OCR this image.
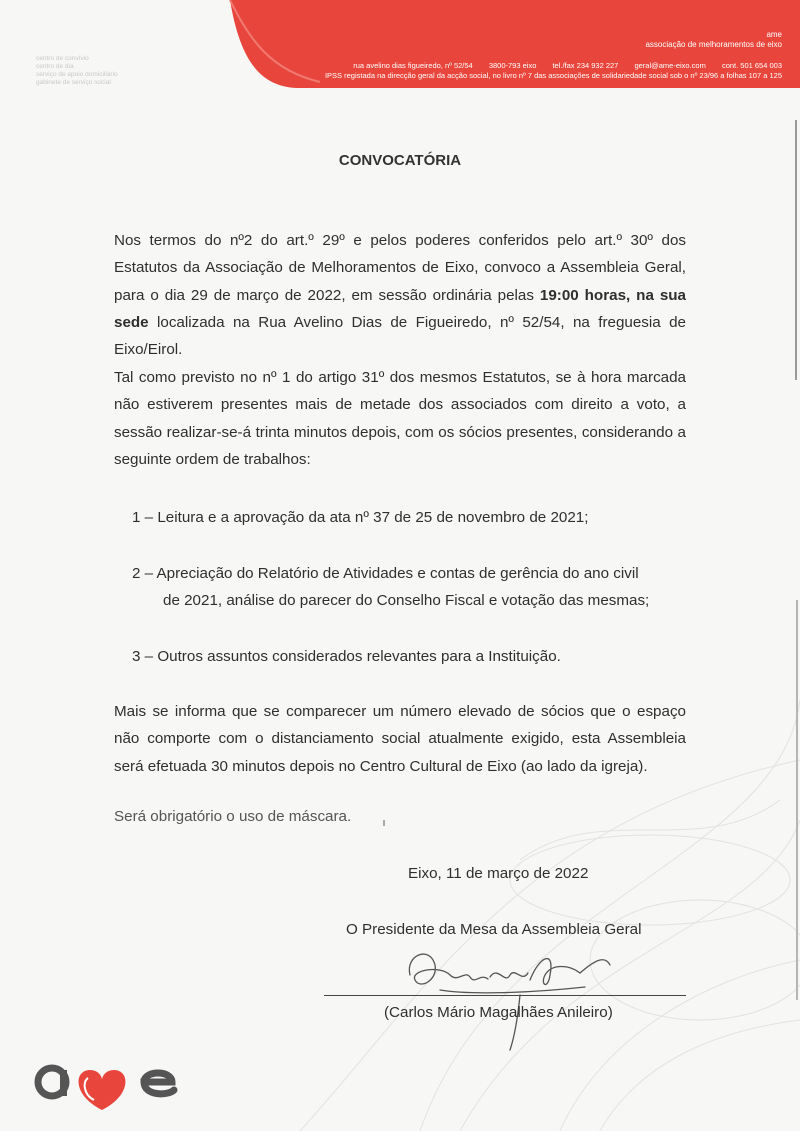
centro de convívio
centro de dia
serviço de apoio domiciliário
gabinete de serviço social
ame
associação de melhoramentos de eixo
rua avelino dias figueiredo, nº 52/54 3800-793 eixo tel./fax 234 932 227 geral@ame-eixo.com cont. 501 654 003
IPSS registada na direcção geral da acção social, no livro nº 7 das associações de solidariedade social sob o nº 23/96 a folhas 107 a 125
CONVOCATÓRIA
Nos termos do nº2 do art.º 29º e pelos poderes conferidos pelo art.º 30º dos Estatutos da Associação de Melhoramentos de Eixo, convoco a Assembleia Geral, para o dia 29 de março de 2022, em sessão ordinária pelas 19:00 horas, na sua sede localizada na Rua Avelino Dias de Figueiredo, nº 52/54, na freguesia de Eixo/Eirol.
Tal como previsto no nº 1 do artigo 31º dos mesmos Estatutos, se à hora marcada não estiverem presentes mais de metade dos associados com direito a voto, a sessão realizar-se-á trinta minutos depois, com os sócios presentes, considerando a seguinte ordem de trabalhos:
1 – Leitura e a aprovação da ata nº 37 de 25 de novembro de 2021;
2 – Apreciação do Relatório de Atividades e contas de gerência do ano civil
de 2021, análise do parecer do Conselho Fiscal e votação das mesmas;
3 – Outros assuntos considerados relevantes para a Instituição.
Mais se informa que se comparecer um número elevado de sócios que o espaço não comporte com o distanciamento social atualmente exigido, esta Assembleia será efetuada 30 minutos depois no Centro Cultural de Eixo (ao lado da igreja).
Será obrigatório o uso de máscara.
Eixo, 11 de março de 2022
O Presidente da Mesa da Assembleia Geral
(Carlos Mário Magalhães Anileiro)
